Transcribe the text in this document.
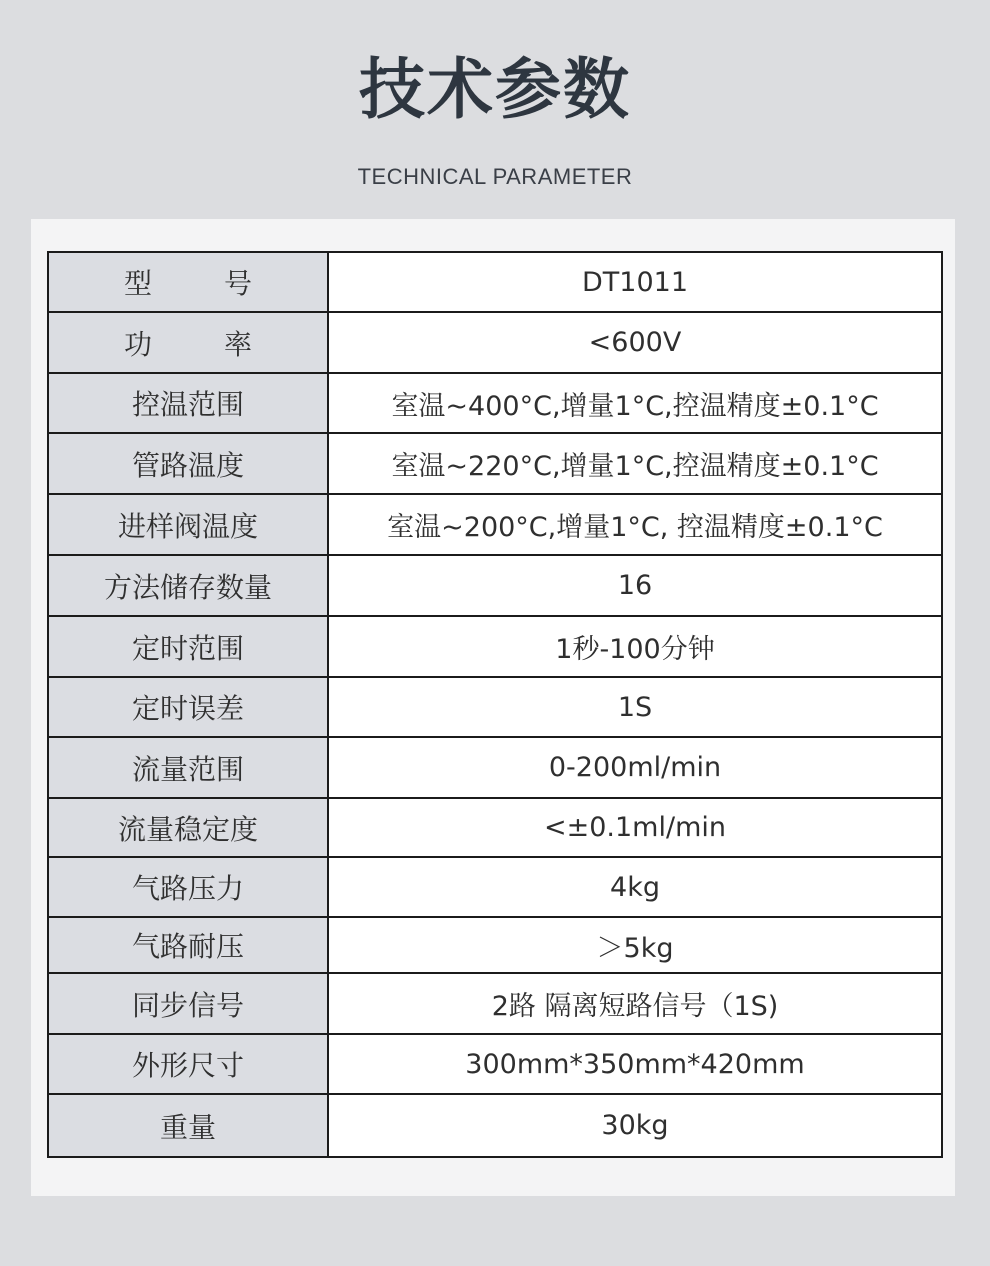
技术参数
TECHNICAL PARAMETER
型号	DT1011
功率	<600V
控温范围	室温~400°C,增量1°C,控温精度±0.1°C
管路温度	室温~220°C,增量1°C,控温精度±0.1°C
进样阀温度	室温~200°C,增量1°C, 控温精度±0.1°C
方法储存数量	16
定时范围	1秒-100分钟
定时误差	1S
流量范围	0-200ml/min
流量稳定度	<±0.1ml/min
气路压力	4kg
气路耐压	＞5kg
同步信号	2路 隔离短路信号（1S)
外形尺寸	300mm*350mm*420mm
重量	30kg
